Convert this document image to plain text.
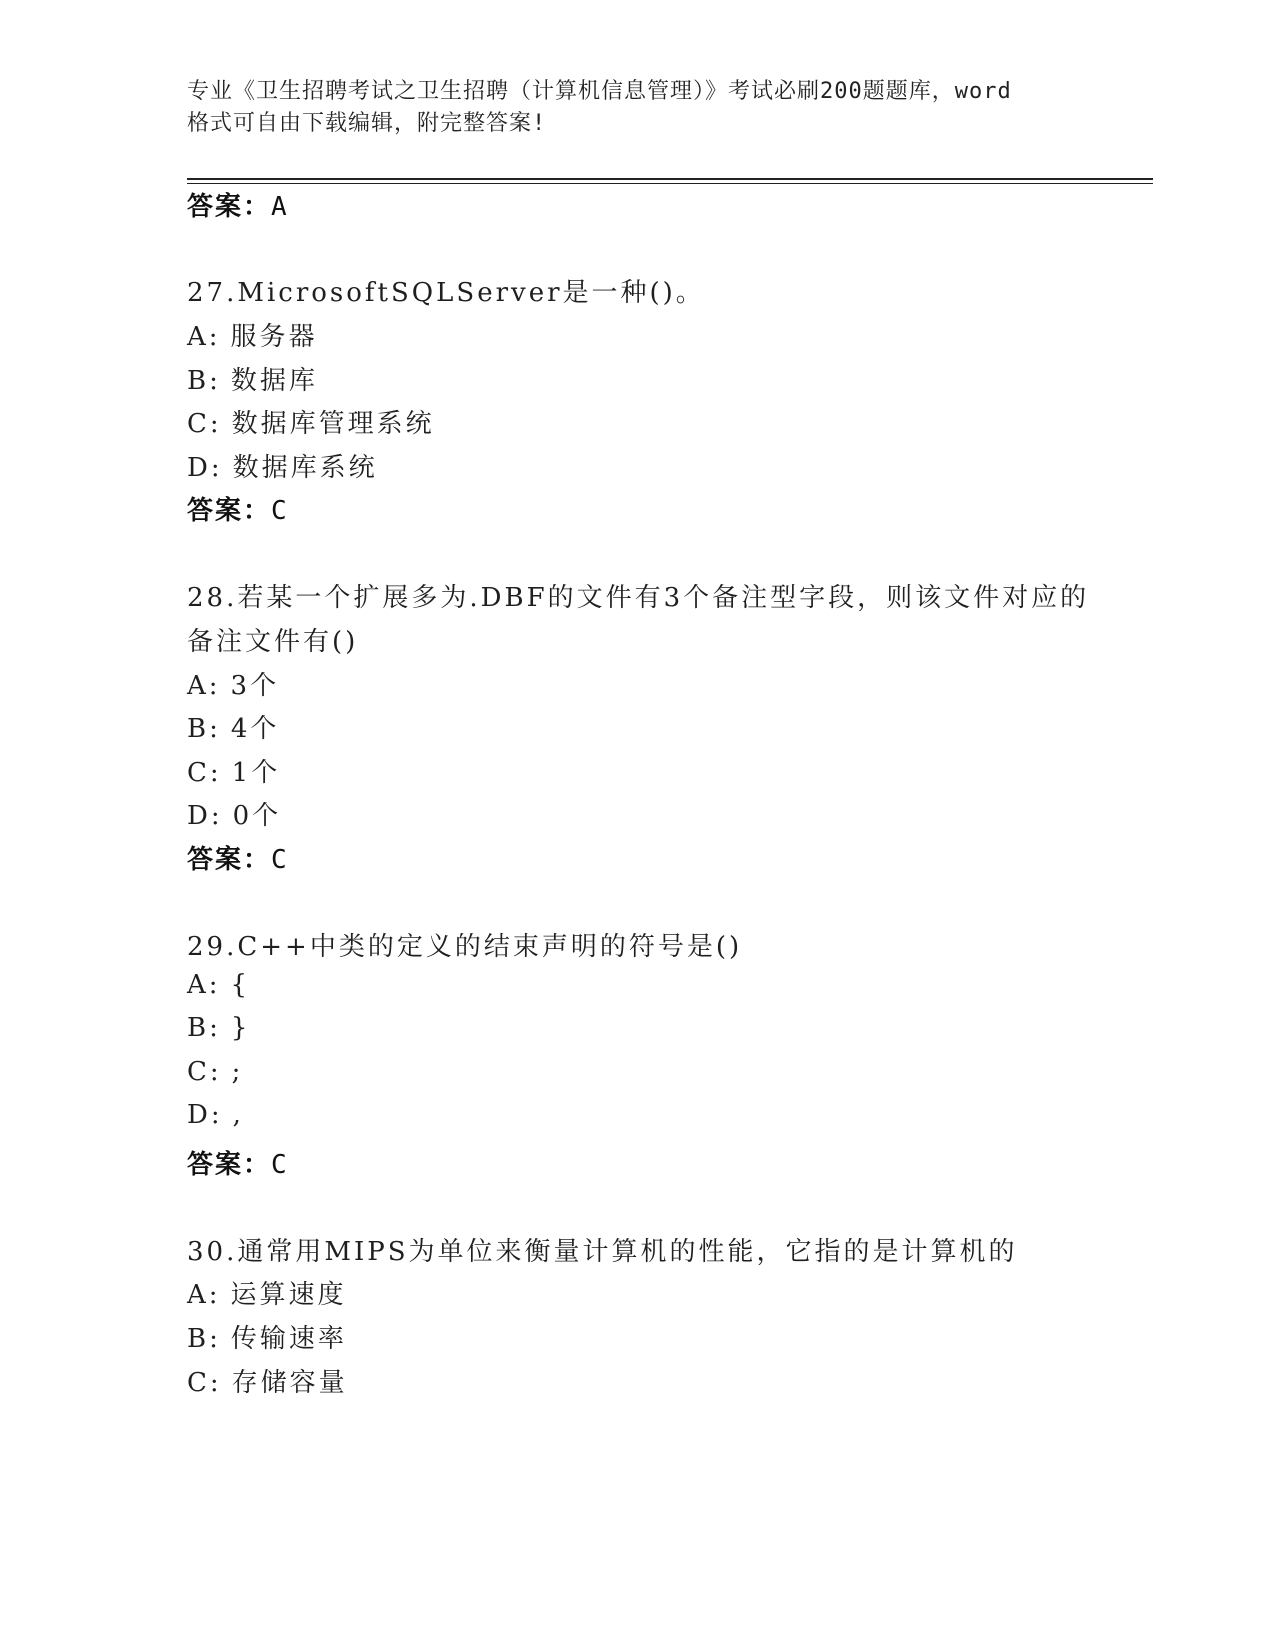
专业《卫生招聘考试之卫生招聘（计算机信息管理）》考试必刷200题题库，word
格式可自由下载编辑，附完整答案!
答案：A
27.MicrosoftSQLServer是一种()。
A: 服务器
B: 数据库
C: 数据库管理系统
D: 数据库系统
答案：C
28.若某一个扩展多为.DBF的文件有3个备注型字段，则该文件对应的
备注文件有()
A: 3个
B: 4个
C: 1个
D: 0个
答案：C
29.C++中类的定义的结束声明的符号是()
A: {
B: }
C: ;
D: ,
答案：C
30.通常用MIPS为单位来衡量计算机的性能，它指的是计算机的
A: 运算速度
B: 传输速率
C: 存储容量
